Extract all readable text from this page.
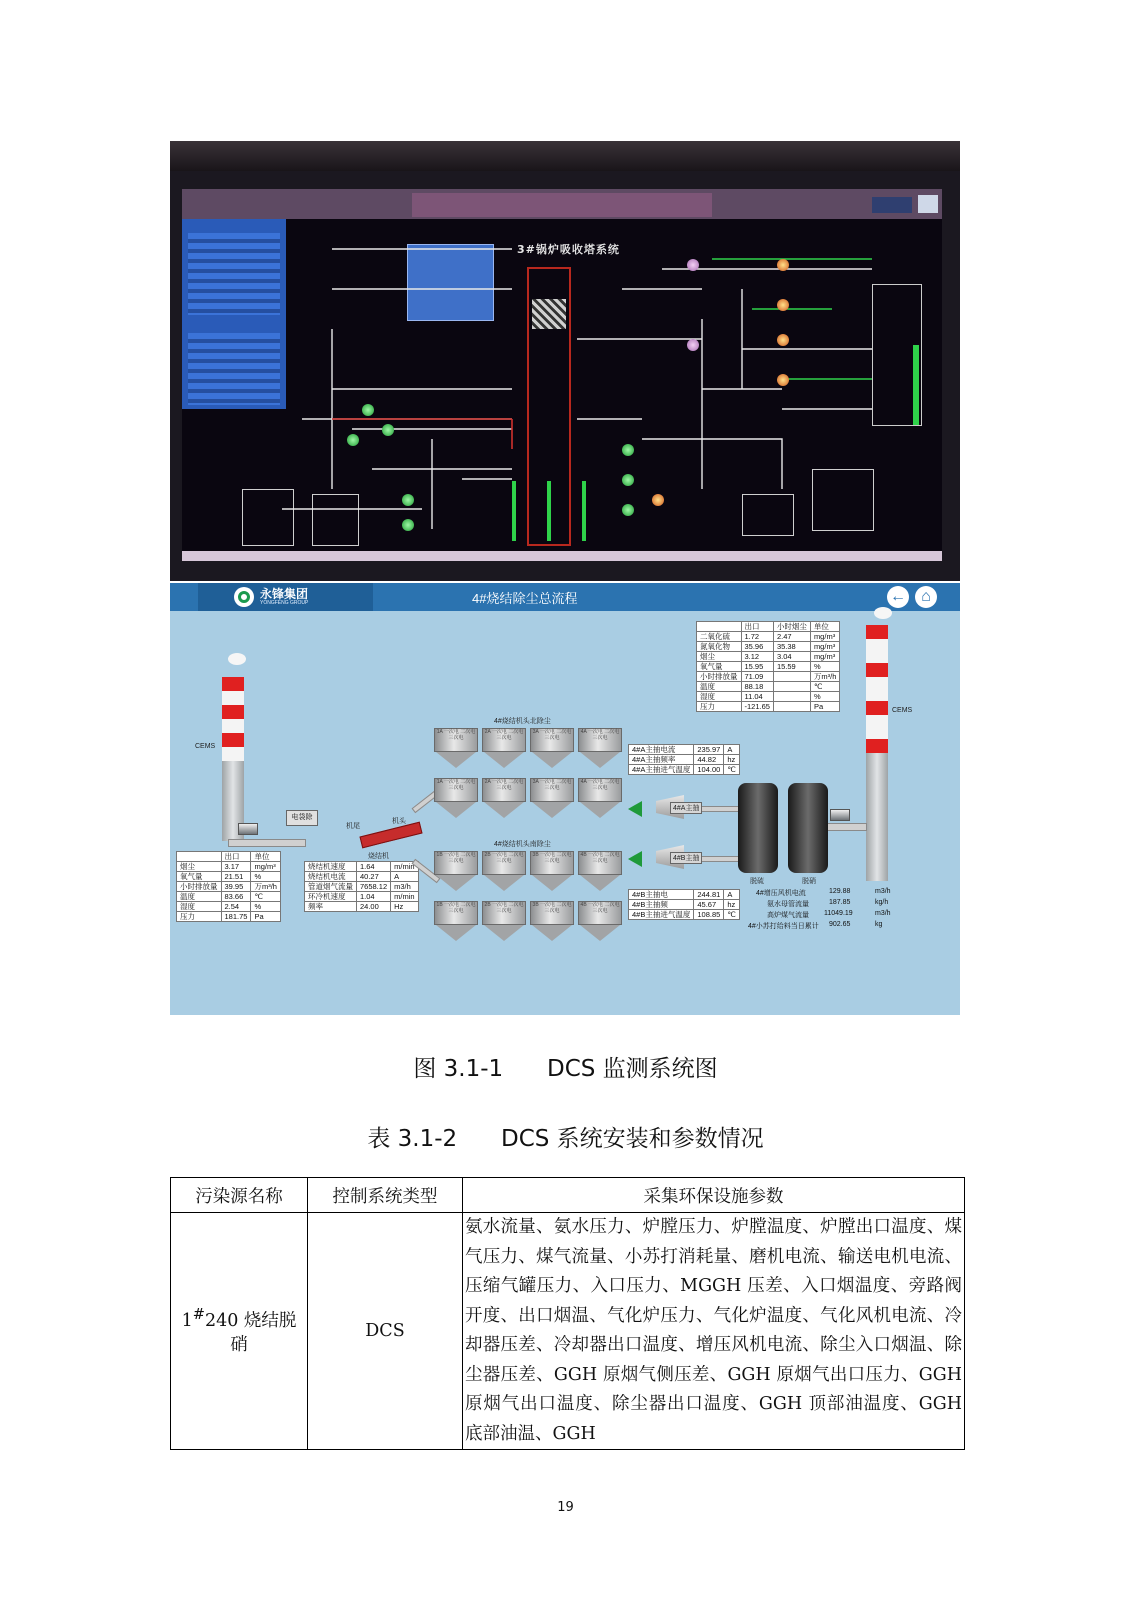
3#锅炉吸收塔系统
永锋集团
YONGFENG GROUP	4#烧结除尘总流程	← ⌂
CEMS
CEMS
	出口	小时烟尘	单位
二氧化硫	1.72	2.47	mg/m³
氮氧化物	35.96	35.38	mg/m³
烟尘	3.12	3.04	mg/m³
氧气量	15.95	15.59	%
小时排放量	71.09		万m³/h
温度	88.18		℃
湿度	11.04		%
压力	-121.65		Pa
	出口	单位
烟尘	3.17	mg/m³
氧气量	21.51	%
小时排放量	39.95	万m³/h
温度	83.66	℃
湿度	2.54	%
压力	181.75	Pa
烧结机速度	1.64	m/min
烧结机电流	40.27	A
管道烟气流量	7658.12	m3/h
环冷机速度	1.04	m/min
频率	24.00	Hz
4#A主抽电流	235.97	A
4#A主抽频率	44.82	hz
4#A主抽进气温度	104.00	℃
4#B主抽电	244.81	A
4#B主抽频	45.67	hz
4#B主抽进气温度	108.85	℃
4#烧结机头北除尘
4#烧结机头南除尘
机尾
机头
电袋除
烧结机
4#A主抽
4#B主抽
脱硫	脱硝
4#增压风机电流	129.88	m3/h
氨水母管流量	187.85	kg/h
高炉煤气流量 11049.19	m3/h
4#小苏打给料当日累计 902.65	kg
1A 一次电 二次电 三次电
2A 一次电 二次电 三次电
3A 一次电 二次电 三次电
4A 一次电 二次电 三次电
1A 一次电 二次电 三次电
2A 一次电 二次电 三次电
3A 一次电 二次电 三次电
4A 一次电 二次电 三次电
1B 一次电 二次电 三次电
2B 一次电 二次电 三次电
3B 一次电 二次电 三次电
4B 一次电 二次电 三次电
1B 一次电 二次电 三次电
2B 一次电 二次电 三次电
3B 一次电 二次电 三次电
4B 一次电 二次电 三次电
图 3.1-1      DCS 监测系统图
表 3.1-2      DCS 系统安装和参数情况
污染源名称	控制系统类型	采集环保设施参数
1#240 烧结脱硝	DCS	氨水流量、氨水压力、炉膛压力、炉膛温度、炉膛出口温度、煤气压力、煤气流量、小苏打消耗量、磨机电流、输送电机电流、压缩气罐压力、入口压力、MGGH 压差、入口烟温度、旁路阀开度、出口烟温、气化炉压力、气化炉温度、气化风机电流、冷却器压差、冷却器出口温度、增压风机电流、除尘入口烟温、除尘器压差、GGH 原烟气侧压差、GGH 原烟气出口压力、GGH 原烟气出口温度、除尘器出口温度、GGH 顶部油温度、GGH 底部油温、GGH
19
